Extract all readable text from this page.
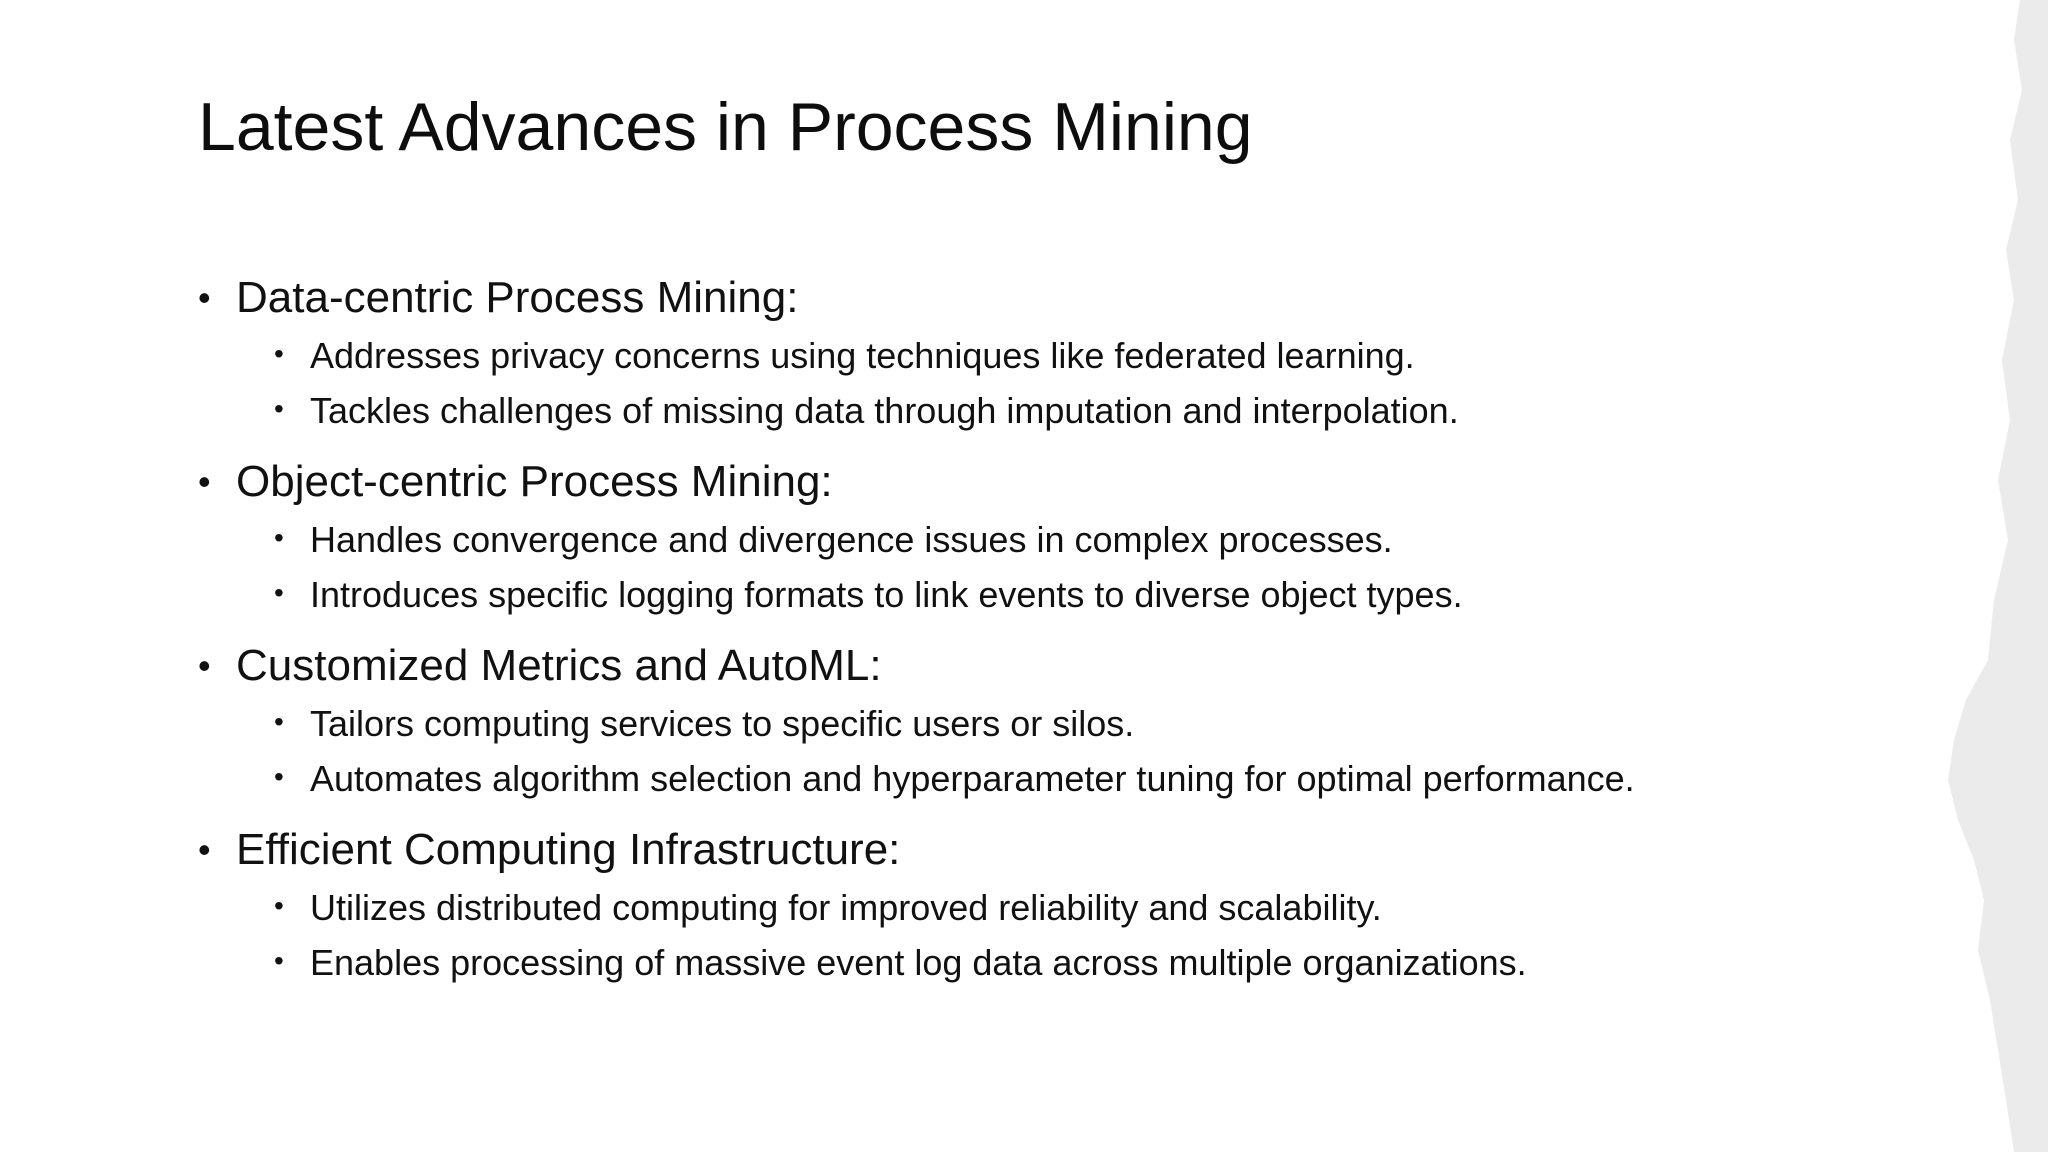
Latest Advances in Process Mining
• Data-centric Process Mining:
• Addresses privacy concerns using techniques like federated learning.
• Tackles challenges of missing data through imputation and interpolation.
• Object-centric Process Mining:
• Handles convergence and divergence issues in complex processes.
• Introduces specific logging formats to link events to diverse object types.
• Customized Metrics and AutoML:
• Tailors computing services to specific users or silos.
• Automates algorithm selection and hyperparameter tuning for optimal performance.
• Efficient Computing Infrastructure:
• Utilizes distributed computing for improved reliability and scalability.
• Enables processing of massive event log data across multiple organizations.
